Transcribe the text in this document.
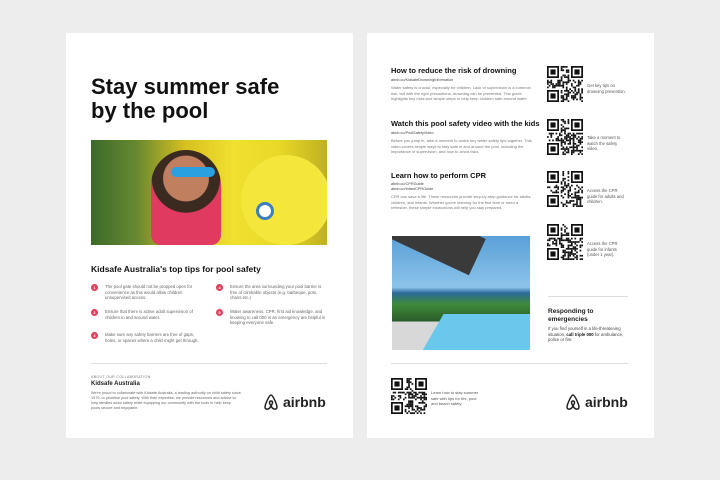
Stay summer safe by the pool
Kidsafe Australia's top tips for pool safety
1	The pool gate should not be propped open for convenience as this would allow children unsupervised access.
2	Ensure that there is active adult supervision of children in and around water.
3	Make sure any safety barriers are free of gaps, holes, or spaces where a child might get through.
4	Ensure the area surrounding your pool barrier is free of climbable objects (e.g. barbeque, pots, chairs etc.)
5	Water awareness, CPR, first aid knowledge, and knowing to call 000 in an emergency are helpful in keeping everyone safe.
ABOUT OUR COLLABORATION
Kidsafe Australia
We're proud to collaborate with Kidsafe Australia, a leading authority on child safety since 1979, to prioritise pool safety. With their expertise, we provide resources and advice to help families swim safely while equipping our community with the tools to help keep pools secure and enjoyable.	airbnb
How to reduce the risk of drowning
abnb.co/KidsafeDrowningInformation
Water safety is crucial, especially for children. Lack of supervision is a common risk, but with the right precautions, drowning can be prevented. This guide highlights key risks and simple steps to help keep children safe around water.
Watch this pool safety video with the kids
abnb.co/PoolSafetyVideo
Before you jump in, take a moment to watch key water safety tips together. This video covers simple ways to stay safe in and around the pool, including the importance of supervision, and how to avoid risks.
Learn how to perform CPR
abnb.co/CPRGuide
abnb.co/InfantCPRGuide
CPR can save a life. These resources provide step-by-step guidance for adults, children, and infants. Whether you're learning for the first time or need a refresher, these simple instructions will help you stay prepared.
Get key tips on drowning prevention.
Take a moment to watch the safety video.
Access the CPR guide for adults and children.
Access the CPR guide for infants (under 1 year).
Responding to emergencies
If you find yourself in a life-threatening situation, call triple 000 for ambulance, police or fire.
Learn how to stay summer safe with tips for fire, pool and beach safety.	airbnb
